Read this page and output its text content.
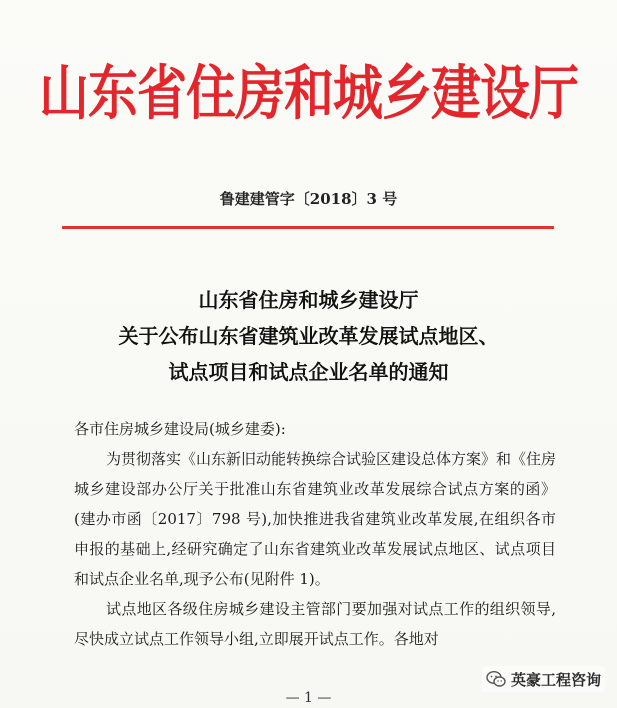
山东省住房和城乡建设厅
鲁建建管字〔2018〕3 号
山东省住房和城乡建设厅
关于公布山东省建筑业改革发展试点地区、
试点项目和试点企业名单的通知

各市住房城乡建设局(城乡建委):

为贯彻落实《山东新旧动能转换综合试验区建设总体方案》和《住房城乡建设部办公厅关于批准山东省建筑业改革发展综合试点方案的函》(建办市函〔2017〕798 号),加快推进我省建筑业改革发展,在组织各市申报的基础上,经研究确定了山东省建筑业改革发展试点地区、试点项目和试点企业名单,现予公布(见附件 1)。

试点地区各级住房城乡建设主管部门要加强对试点工作的组织领导,尽快成立试点工作领导小组,立即展开试点工作。各地对

— 1 —
英豪工程咨询
